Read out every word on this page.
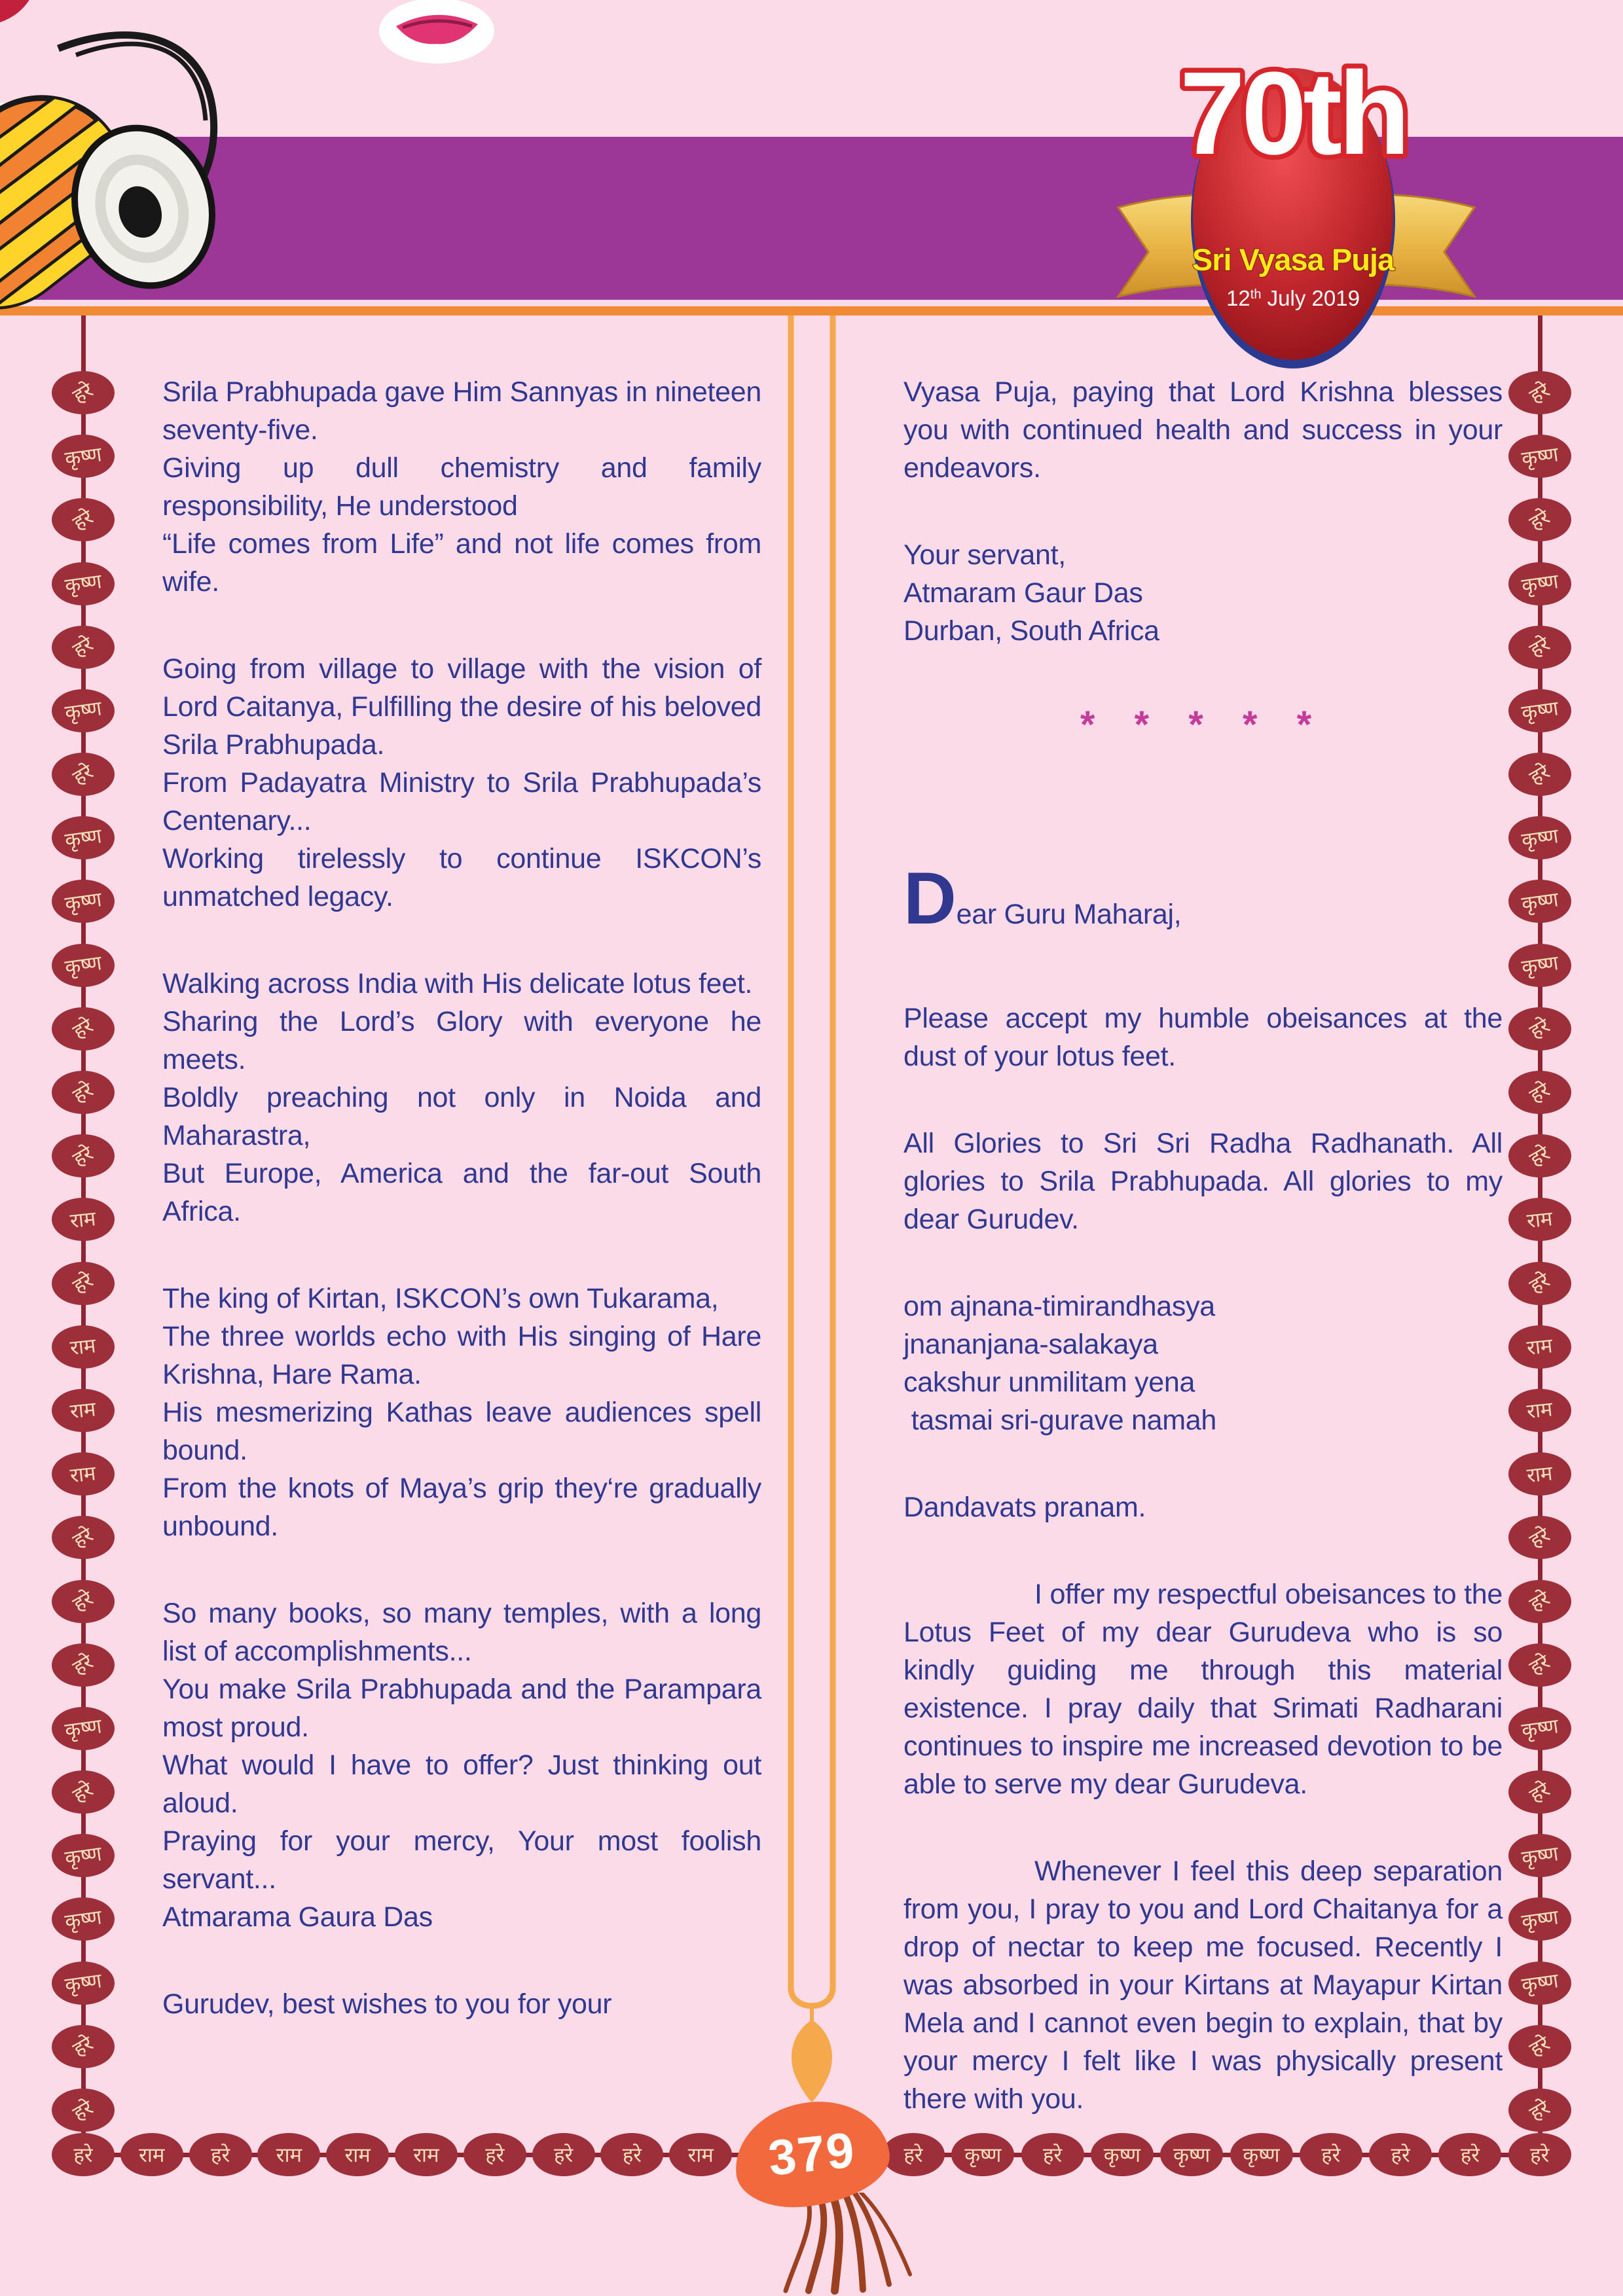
70th
Sri Vyasa Puja
12th July 2019
हरे
कृष्ण
हरे
कृष्ण
हरे
कृष्ण
हरे
कृष्ण
कृष्ण
कृष्ण
हरे
हरे
हरे
राम
हरे
राम
राम
राम
हरे
हरे
हरे
कृष्ण
हरे
कृष्ण
कृष्ण
कृष्ण
हरे
हरे
हरे
कृष्ण
हरे
कृष्ण
हरे
कृष्ण
हरे
कृष्ण
कृष्ण
कृष्ण
हरे
हरे
हरे
राम
हरे
राम
राम
राम
हरे
हरे
हरे
कृष्ण
हरे
कृष्ण
कृष्ण
कृष्ण
हरे
हरे
हरे राम हरे राम राम राम हरे हरे हरे राम	हरे कृष्ण हरे कृष्ण कृष्ण कृष्ण हरे हरे हरे हरे

Srila Prabhupada gave Him Sannyas in nineteen seventy-five.

Giving up dull chemistry and family responsibility, He understood

“Life comes from Life” and not life comes from wife.

Going from village to village with the vision of Lord Caitanya, Fulfilling the desire of his beloved Srila Prabhupada.

From Padayatra Ministry to Srila Prabhupada’s Centenary...

Working tirelessly to continue ISKCON’s unmatched legacy.

Walking across India with His delicate lotus feet.

Sharing the Lord’s Glory with everyone he meets.

Boldly preaching not only in Noida and Maharastra,

But Europe, America and the far-out South Africa.

The king of Kirtan, ISKCON’s own Tukarama,

The three worlds echo with His singing of Hare Krishna, Hare Rama.

His mesmerizing Kathas leave audiences spell bound.

From the knots of Maya’s grip they‘re gradually unbound.

So many books, so many temples, with a long list of accomplishments...

You make Srila Prabhupada and the Parampara most proud.

What would I have to offer? Just thinking out aloud.

Praying for your mercy, Your most foolish servant...

Atmarama Gaura Das

Gurudev, best wishes to you for your

Vyasa Puja, paying that Lord Krishna blesses you with continued health and success in your endeavors.

Your servant,

Atmaram Gaur Das

Durban, South Africa

* * * * *

Dear Guru Maharaj,

Please accept my humble obeisances at the dust of your lotus feet.

All Glories to Sri Sri Radha Radhanath. All glories to Srila Prabhupada. All glories to my dear Gurudev.

om ajnana-timirandhasya

jnananjana-salakaya

cakshur unmilitam yena

tasmai sri-gurave namah

Dandavats pranam.

I offer my respectful obeisances to the Lotus Feet of my dear Gurudeva who is so kindly guiding me through this material existence. I pray daily that Srimati Radharani continues to inspire me increased devotion to be able to serve my dear Gurudeva.

Whenever I feel this deep separation from you, I pray to you and Lord Chaitanya for a drop of nectar to keep me focused. Recently I was absorbed in your Kirtans at Mayapur Kirtan Mela and I cannot even begin to explain, that by your mercy I felt like I was physically present there with you.

379
